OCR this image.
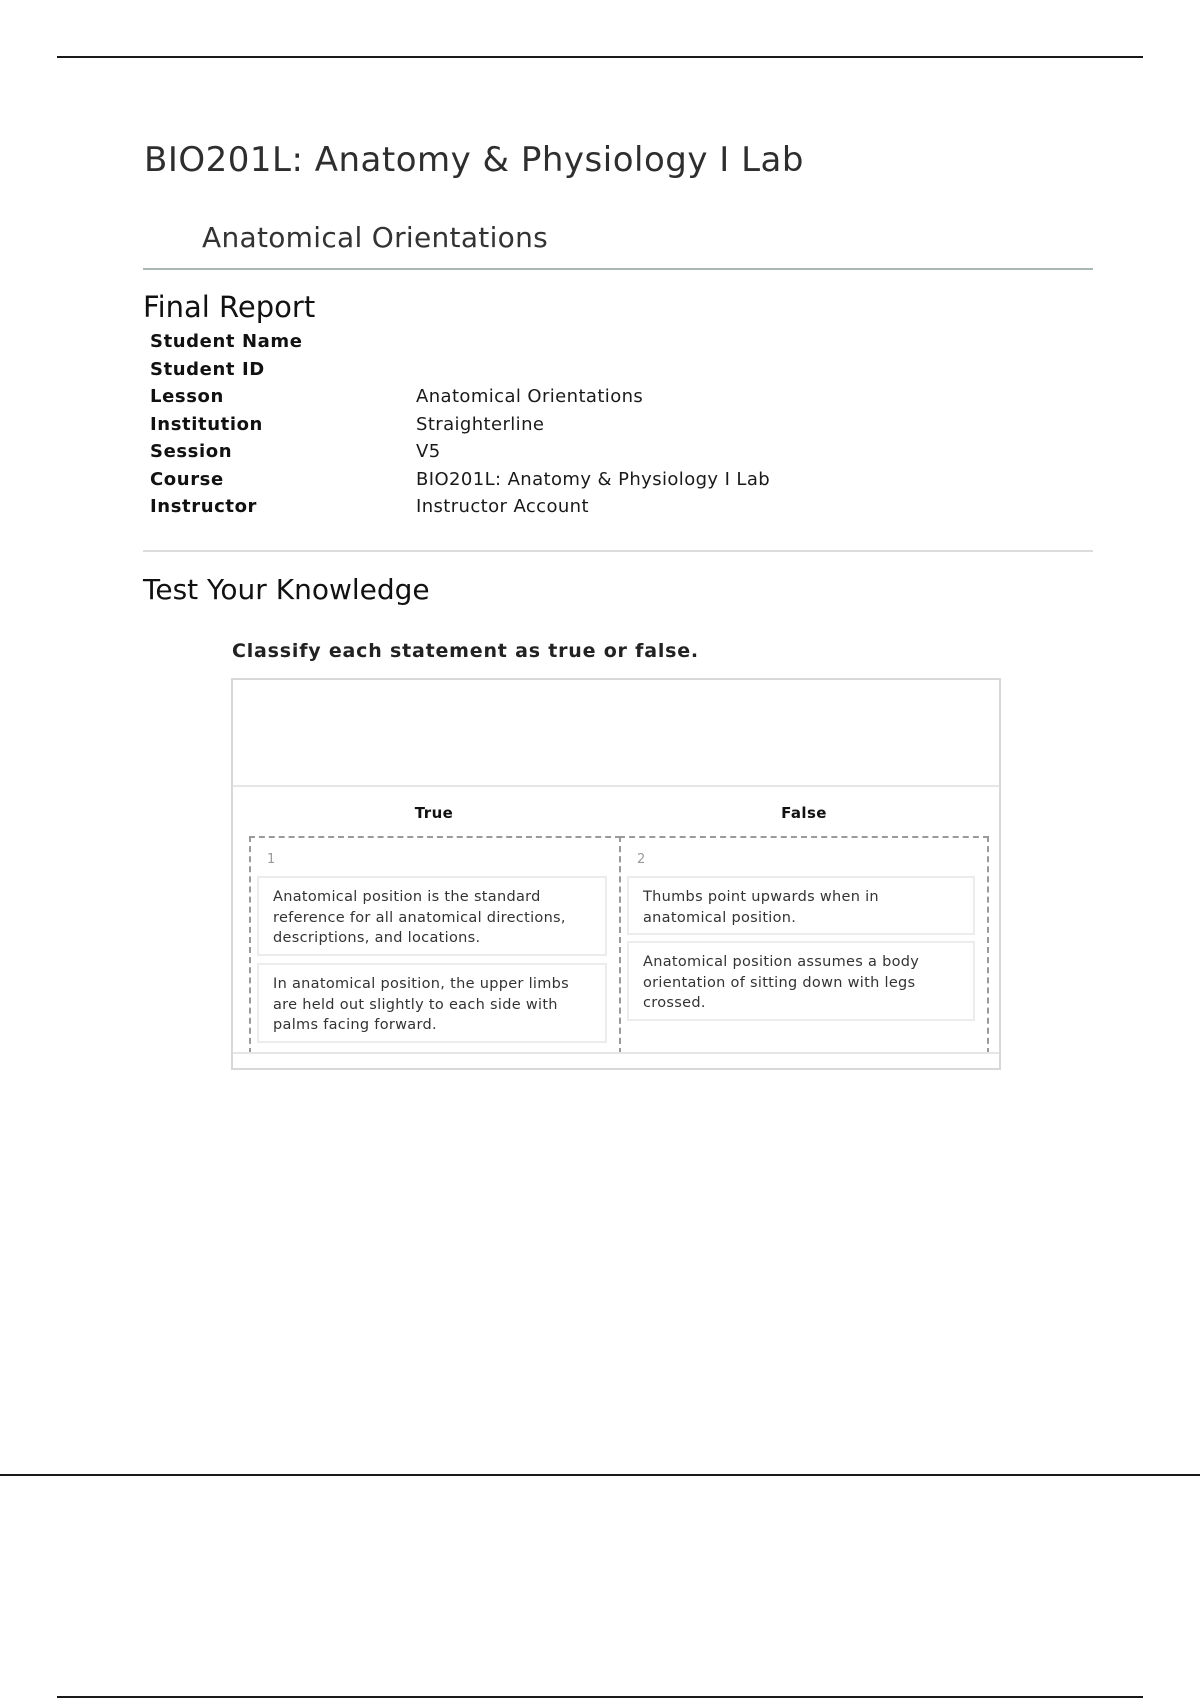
BIO201L: Anatomy & Physiology I Lab
Anatomical Orientations
Final Report
Student Name
Student ID
Lesson	Anatomical Orientations
Institution	Straighterline
Session	V5
Course	BIO201L: Anatomy & Physiology I Lab
Instructor	Instructor Account
Test Your Knowledge

Classify each statement as true or false.

True	False
1
Anatomical position is the standard reference for all anatomical directions, descriptions, and locations.
In anatomical position, the upper limbs are held out slightly to each side with palms facing forward.
2
Thumbs point upwards when in anatomical position.
Anatomical position assumes a body orientation of sitting down with legs crossed.
